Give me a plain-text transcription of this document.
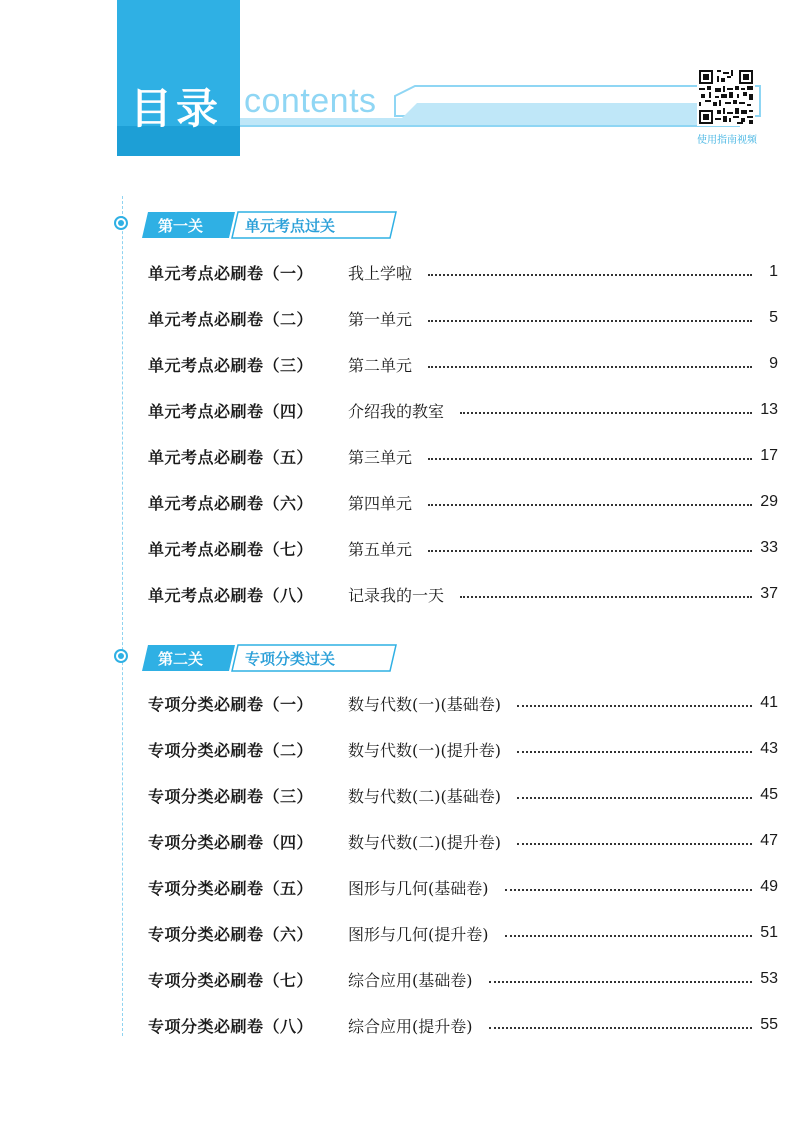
目录 contents
使用指南视频
第一关	单元考点过关
单元考点必刷卷（一）	我上学啦	1
单元考点必刷卷（二）	第一单元	5
单元考点必刷卷（三）	第二单元	9
单元考点必刷卷（四）	介绍我的教室	13
单元考点必刷卷（五）	第三单元	17
单元考点必刷卷（六）	第四单元	29
单元考点必刷卷（七）	第五单元	33
单元考点必刷卷（八）	记录我的一天	37
第二关	专项分类过关
专项分类必刷卷（一）	数与代数(一)(基础卷)	41
专项分类必刷卷（二）	数与代数(一)(提升卷)	43
专项分类必刷卷（三）	数与代数(二)(基础卷)	45
专项分类必刷卷（四）	数与代数(二)(提升卷)	47
专项分类必刷卷（五）	图形与几何(基础卷)	49
专项分类必刷卷（六）	图形与几何(提升卷)	51
专项分类必刷卷（七）	综合应用(基础卷)	53
专项分类必刷卷（八）	综合应用(提升卷)	55
